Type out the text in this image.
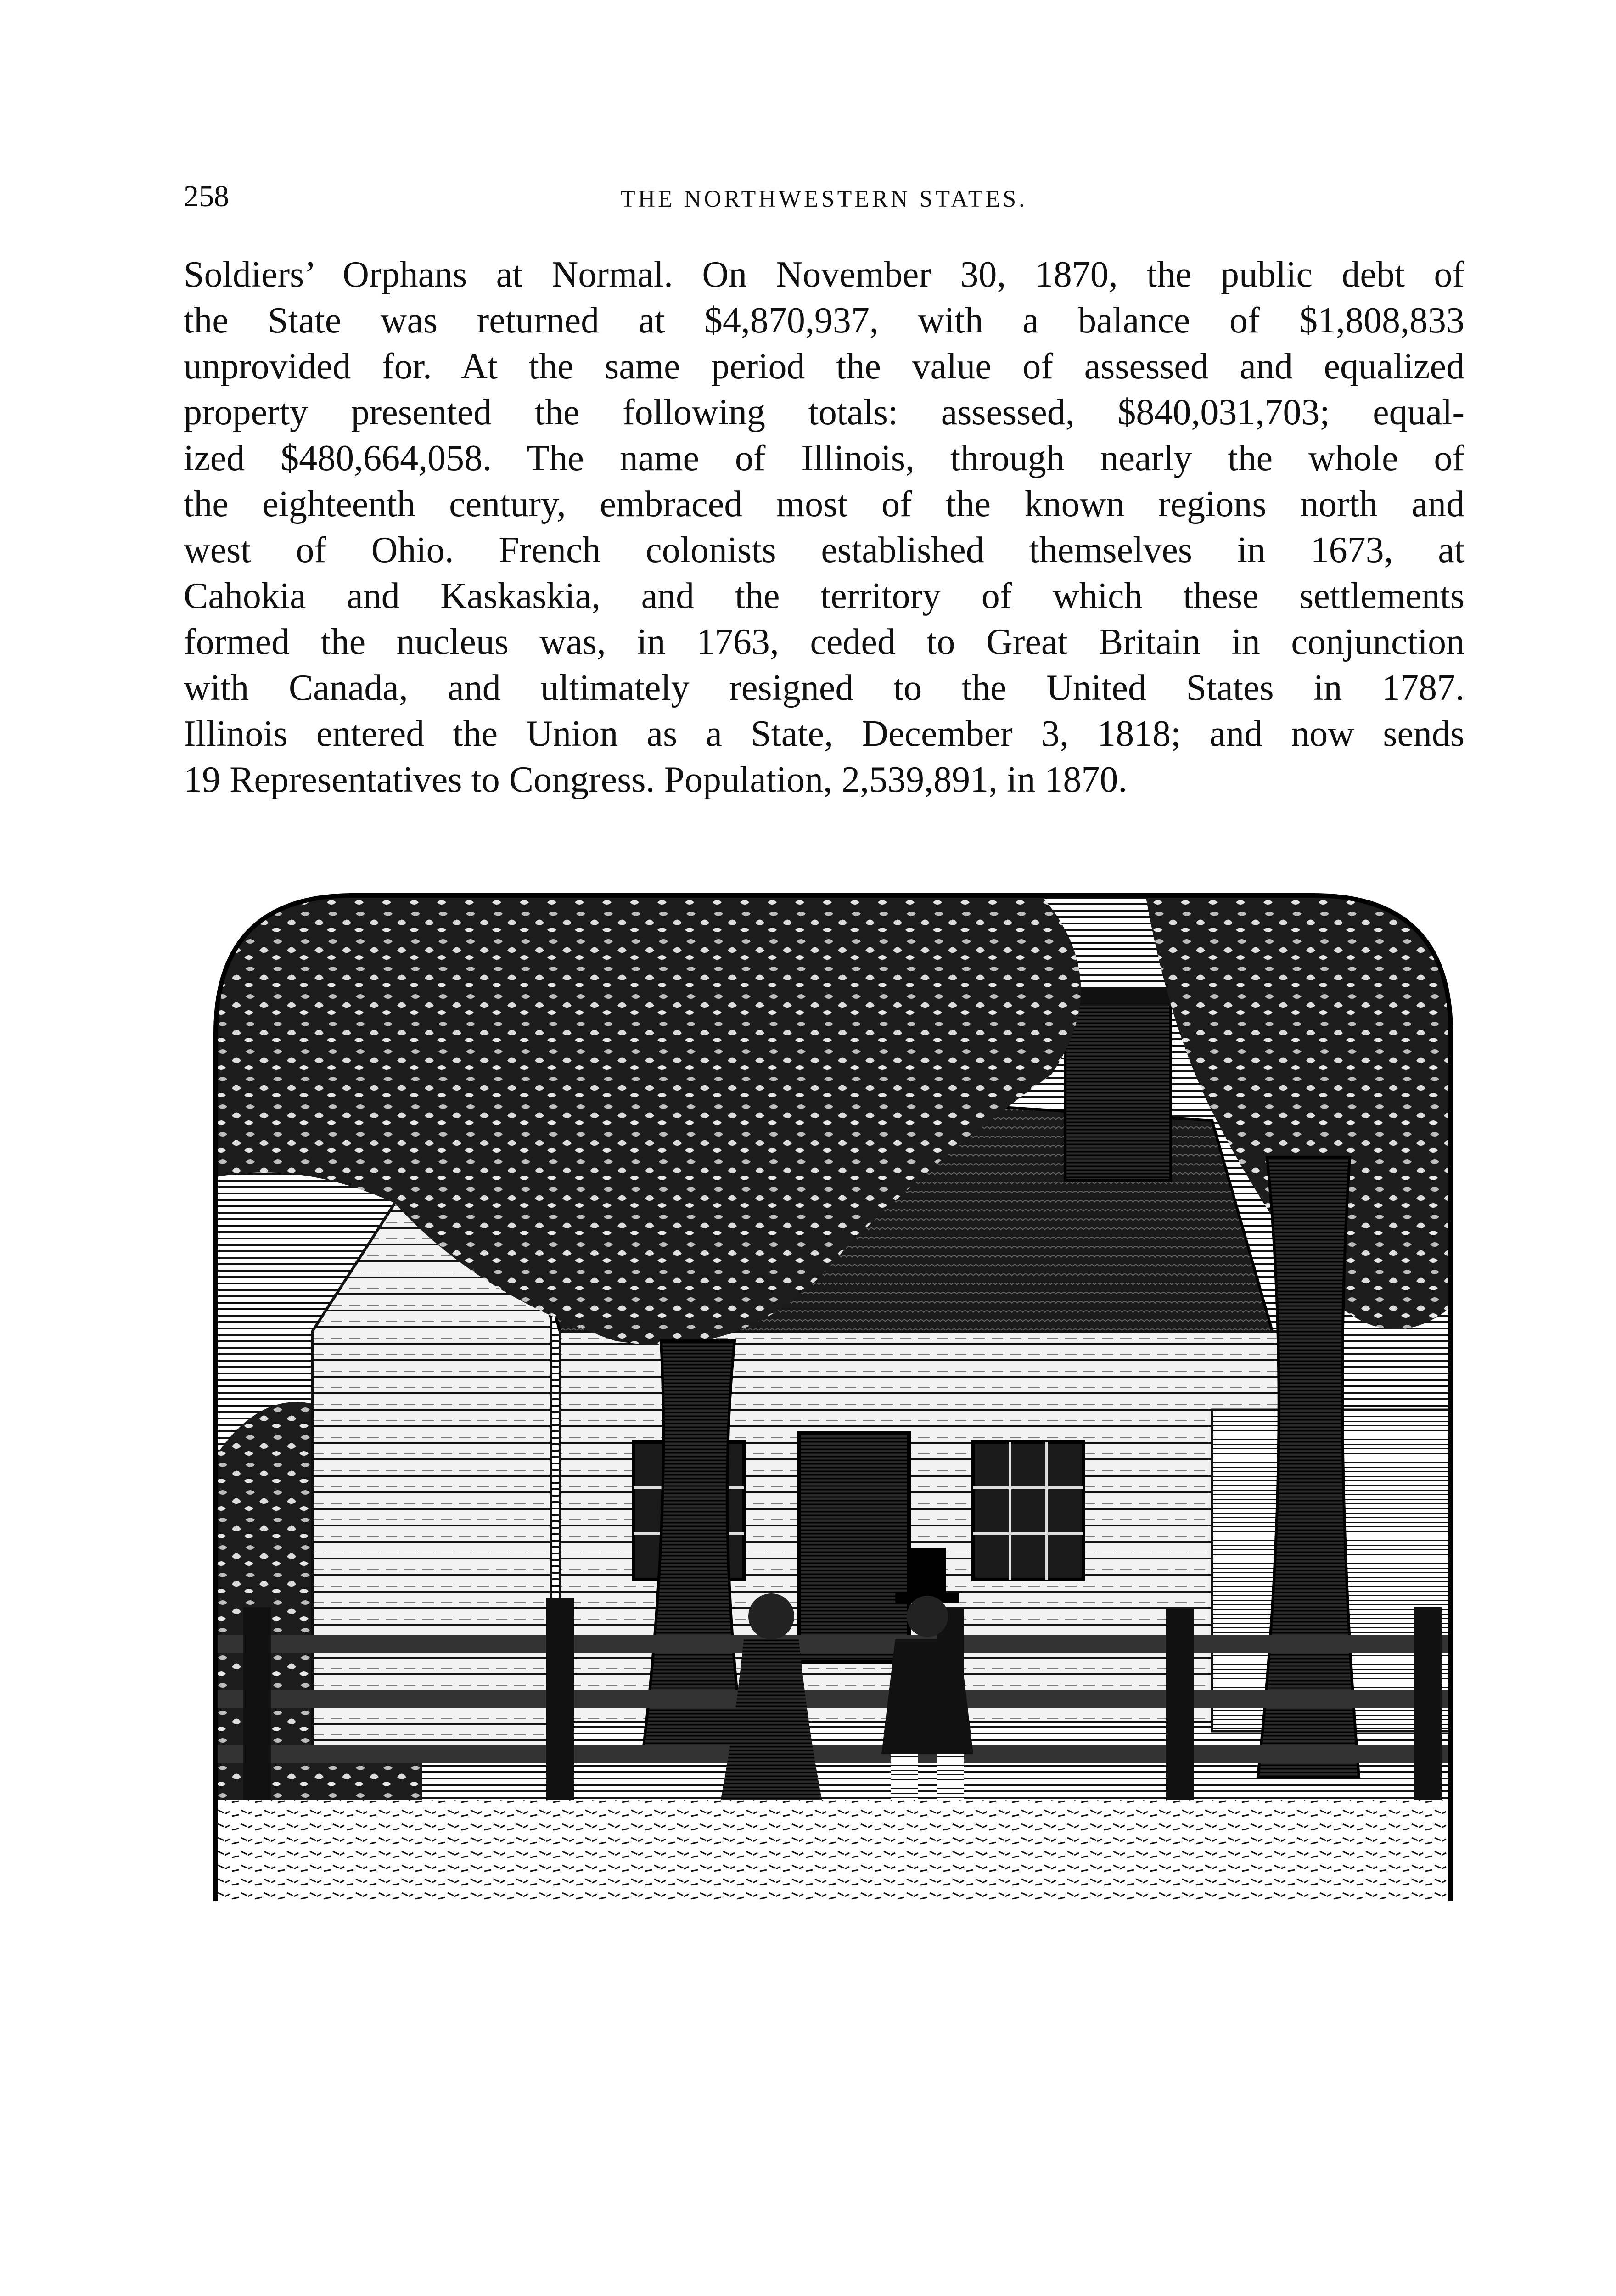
258	THE NORTHWESTERN STATES.
Soldiers’ Orphans at Normal. On November 30, 1870, the public debt of
the State was returned at $4,870,937, with a balance of $1,808,833
unprovided for. At the same period the value of assessed and equalized
property presented the following totals: assessed, $840,031,703; equal-
ized $480,664,058. The name of Illinois, through nearly the whole of
the eighteenth century, embraced most of the known regions north and
west of Ohio. French colonists established themselves in 1673, at
Cahokia and Kaskaskia, and the territory of which these settlements
formed the nucleus was, in 1763, ceded to Great Britain in conjunction
with Canada, and ultimately resigned to the United States in 1787.
Illinois entered the Union as a State, December 3, 1818; and now sends
19 Representatives to Congress. Population, 2,539,891, in 1870.
